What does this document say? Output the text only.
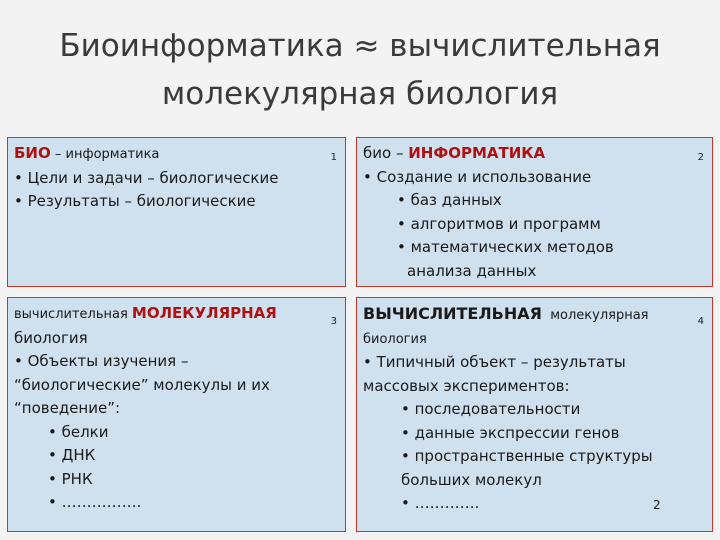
Биоинформатика ≈ вычислительная
молекулярная биология
1
БИО – информатика
• Цели и задачи – биологические
• Результаты – биологические
2
био – ИНФОРМАТИКА
• Создание и использование
• баз данных
• алгоритмов и программ
• математических методов
анализа данных
3
вычислительная МОЛЕКУЛЯРНАЯ
биология
• Объекты изучения –
“биологические” молекулы и их
“поведение”:
• белки
• ДНК
• РНК
• …………….
4
ВЫЧИСЛИТЕЛЬНАЯ  молекулярная
биология
• Типичный объект – результаты
массовых экспериментов:
• последовательности
• данные экспрессии генов
• пространственные структуры
больших молекул
• ………….	2
